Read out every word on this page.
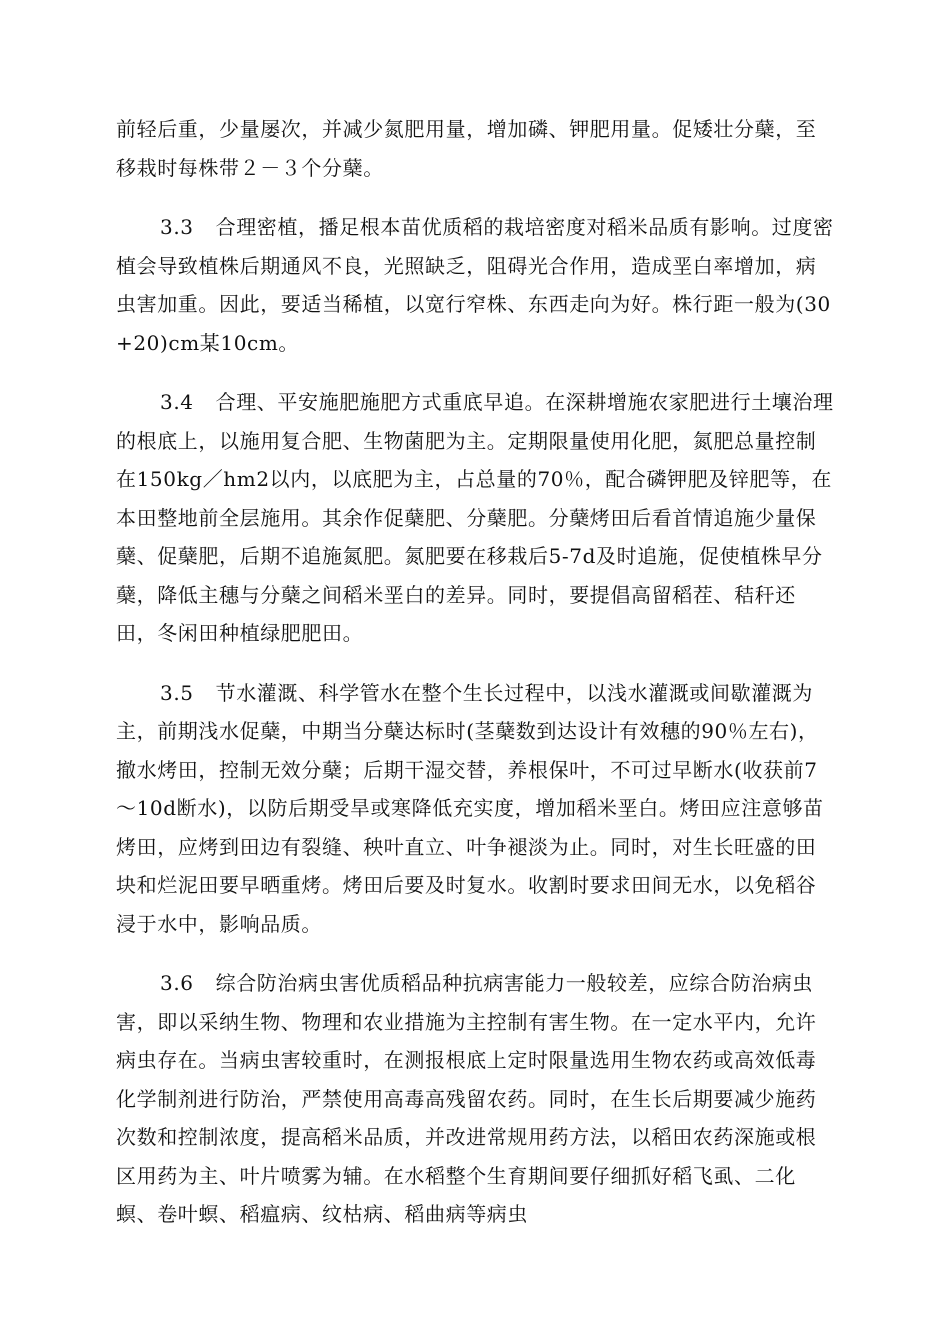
前轻后重，少量屡次，并减少氮肥用量，增加磷、钾肥用量。促矮壮分蘖，至移栽时每株带２－３个分蘖。

3.3 合理密植，播足根本苗优质稻的栽培密度对稻米品质有影响。过度密植会导致植株后期通风不良，光照缺乏，阻碍光合作用，造成垩白率增加，病虫害加重。因此，要适当稀植，以宽行窄株、东西走向为好。株行距一般为(30+20)cm某10cm。

3.4 合理、平安施肥施肥方式重底早追。在深耕增施农家肥进行土壤治理的根底上，以施用复合肥、生物菌肥为主。定期限量使用化肥，氮肥总量控制在150kg／hm2以内，以底肥为主，占总量的70％，配合磷钾肥及锌肥等，在本田整地前全层施用。其余作促蘖肥、分蘖肥。分蘖烤田后看首情追施少量保蘖、促蘖肥，后期不追施氮肥。氮肥要在移栽后5-7d及时追施，促使植株早分蘖，降低主穗与分蘖之间稻米垩白的差异。同时，要提倡高留稻茬、秸秆还田，冬闲田种植绿肥肥田。

3.5 节水灌溉、科学管水在整个生长过程中，以浅水灌溉或间歇灌溉为主，前期浅水促蘖，中期当分蘖达标时(茎蘖数到达设计有效穗的90％左右)，撤水烤田，控制无效分蘖；后期干湿交替，养根保叶，不可过早断水(收获前7～10d断水)，以防后期受旱或寒降低充实度，增加稻米垩白。烤田应注意够苗烤田，应烤到田边有裂缝、秧叶直立、叶争褪淡为止。同时，对生长旺盛的田块和烂泥田要早晒重烤。烤田后要及时复水。收割时要求田间无水，以免稻谷浸于水中，影响品质。

3.6 综合防治病虫害优质稻品种抗病害能力一般较差，应综合防治病虫害，即以采纳生物、物理和农业措施为主控制有害生物。在一定水平内，允许病虫存在。当病虫害较重时，在测报根底上定时限量选用生物农药或高效低毒化学制剂进行防治，严禁使用高毒高残留农药。同时，在生长后期要减少施药次数和控制浓度，提高稻米品质，并改进常规用药方法，以稻田农药深施或根区用药为主、叶片喷雾为辅。在水稻整个生育期间要仔细抓好稻飞虱、二化螟、卷叶螟、稻瘟病、纹枯病、稻曲病等病虫
